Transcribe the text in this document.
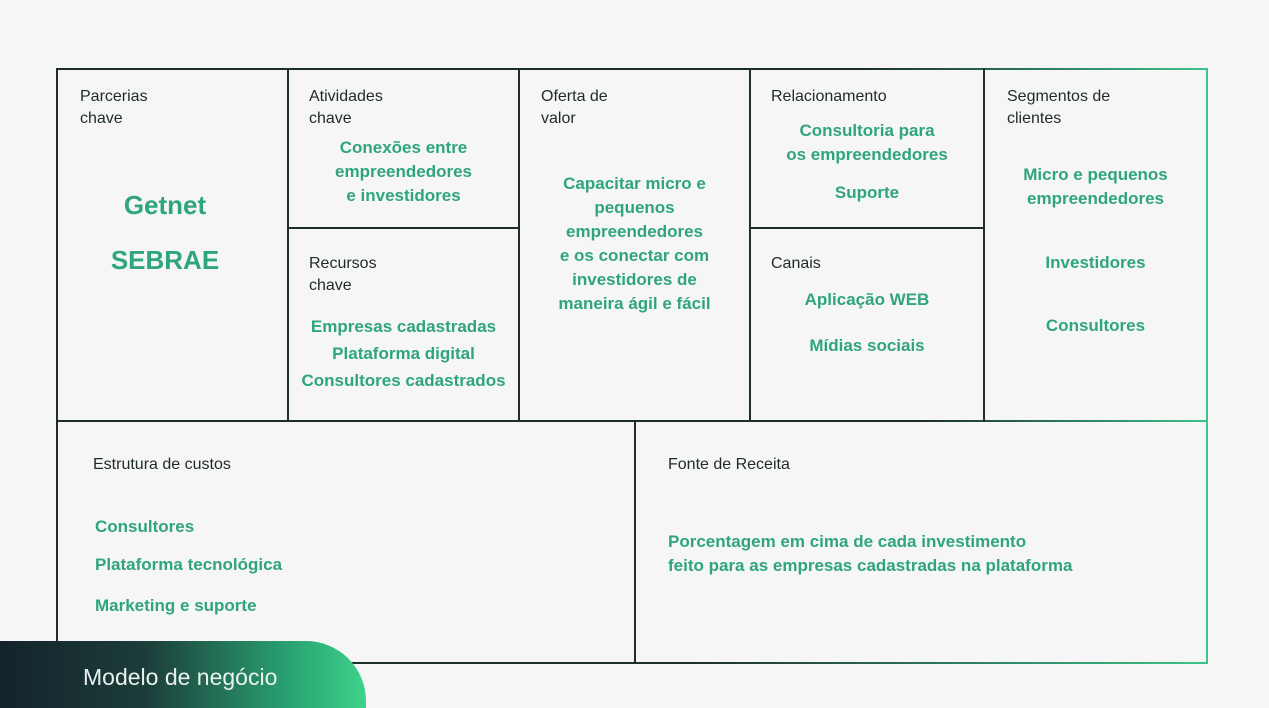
Parcerias
chave
Getnet
SEBRAE
Atividades
chave
Conexões entre
empreendedores
e investidores
Recursos
chave
Empresas cadastradas
Plataforma digital
Consultores cadastrados
Oferta de
valor
Capacitar micro e
pequenos
empreendedores
e os conectar com
investidores de
maneira ágil e fácil
Relacionamento
Consultoria para
os empreendedores
Suporte
Canais
Aplicação WEB
Mídias sociais
Segmentos de
clientes
Micro e pequenos
empreendedores
Investidores
Consultores
Estrutura de custos
Consultores
Plataforma tecnológica
Marketing e suporte
Fonte de Receita
Porcentagem em cima de cada investimento
feito para as empresas cadastradas na plataforma
Modelo de negócio
